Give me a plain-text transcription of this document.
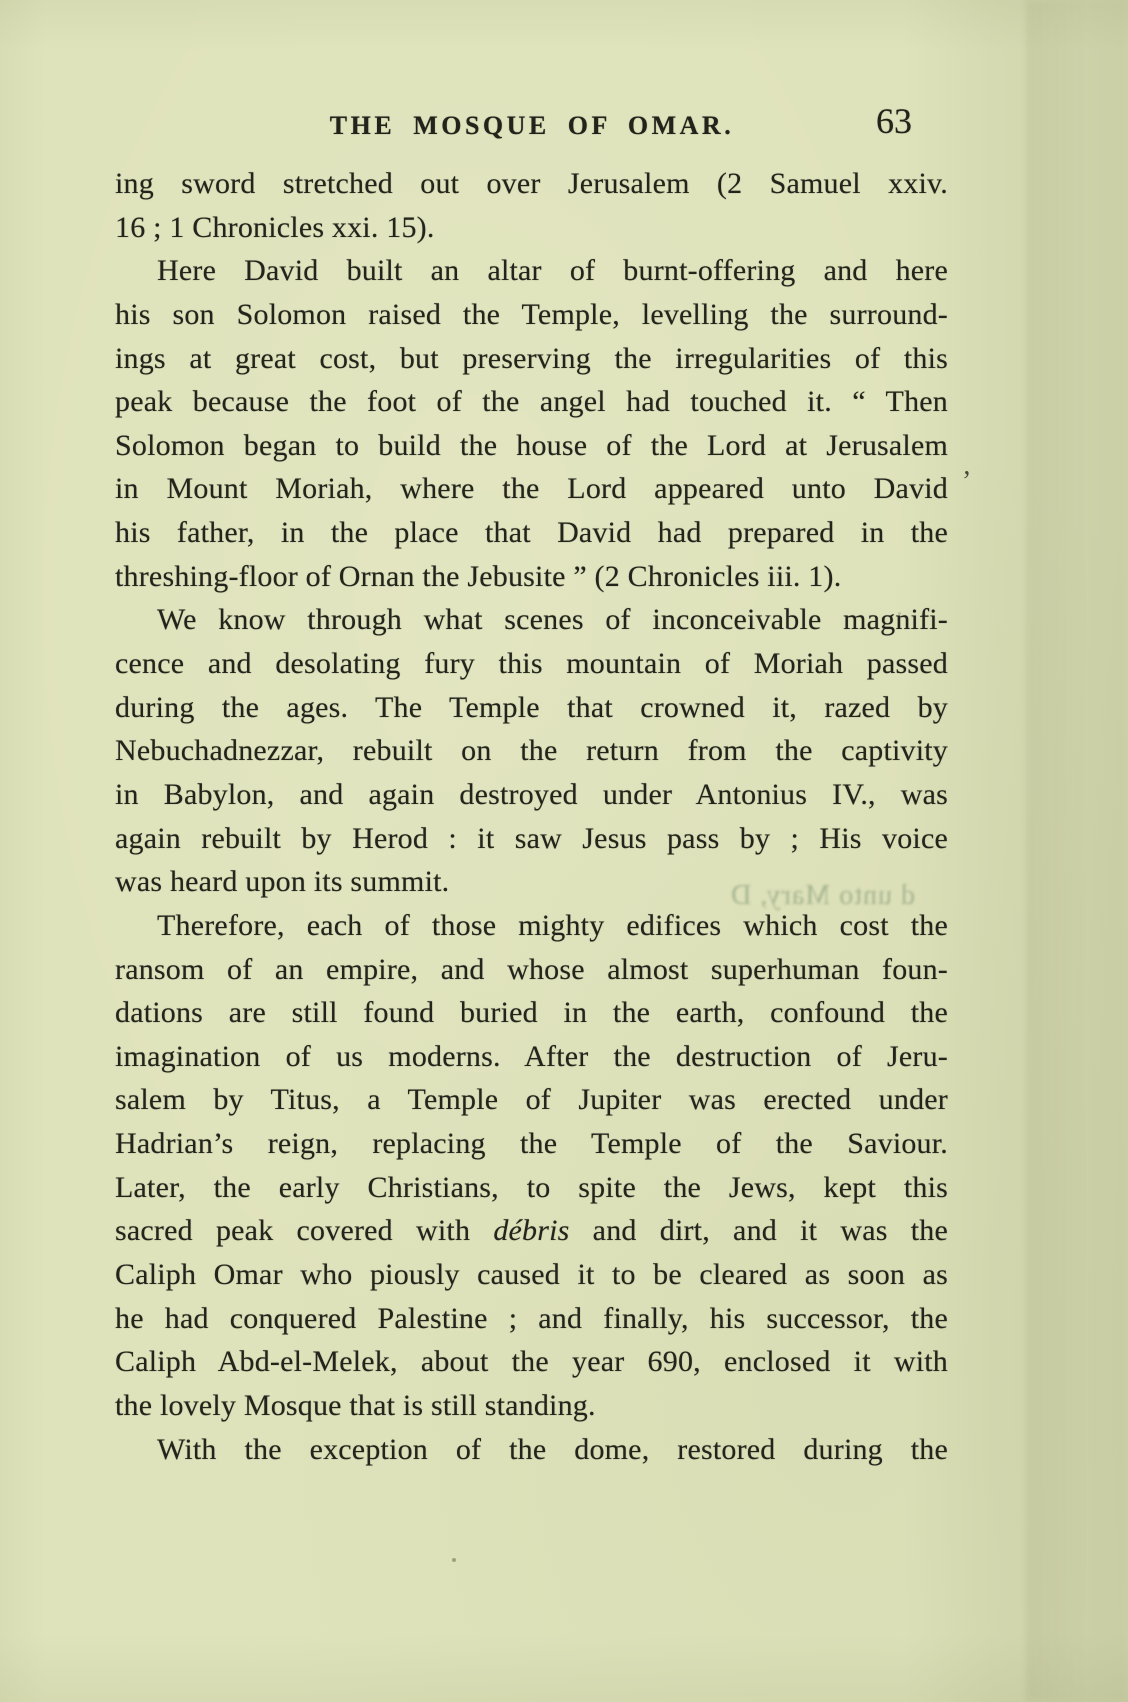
THE MOSQUE OF OMAR.	63
d unto Mary, D
ing sword stretched out over Jerusalem (2 Samuel xxiv.
16 ; 1 Chronicles xxi. 15).
Here David built an altar of burnt-offering and here
his son Solomon raised the Temple, levelling the surround-
ings at great cost, but preserving the irregularities of this
peak because the foot of the angel had touched it. “ Then
Solomon began to build the house of the Lord at Jerusalem
in Mount Moriah, where the Lord appeared unto David
his father, in the place that David had prepared in the
threshing-floor of Ornan the Jebusite ” (2 Chronicles iii. 1).
We know through what scenes of inconceivable magnifi-
cence and desolating fury this mountain of Moriah passed
during the ages. The Temple that crowned it, razed by
Nebuchadnezzar, rebuilt on the return from the captivity
in Babylon, and again destroyed under Antonius IV., was
again rebuilt by Herod : it saw Jesus pass by ; His voice
was heard upon its summit.
Therefore, each of those mighty edifices which cost the
ransom of an empire, and whose almost superhuman foun-
dations are still found buried in the earth, confound the
imagination of us moderns. After the destruction of Jeru-
salem by Titus, a Temple of Jupiter was erected under
Hadrian’s reign, replacing the Temple of the Saviour.
Later, the early Christians, to spite the Jews, kept this
sacred peak covered with débris and dirt, and it was the
Caliph Omar who piously caused it to be cleared as soon as
he had conquered Palestine ; and finally, his successor, the
Caliph Abd-el-Melek, about the year 690, enclosed it with
the lovely Mosque that is still standing.
With the exception of the dome, restored during the
’
